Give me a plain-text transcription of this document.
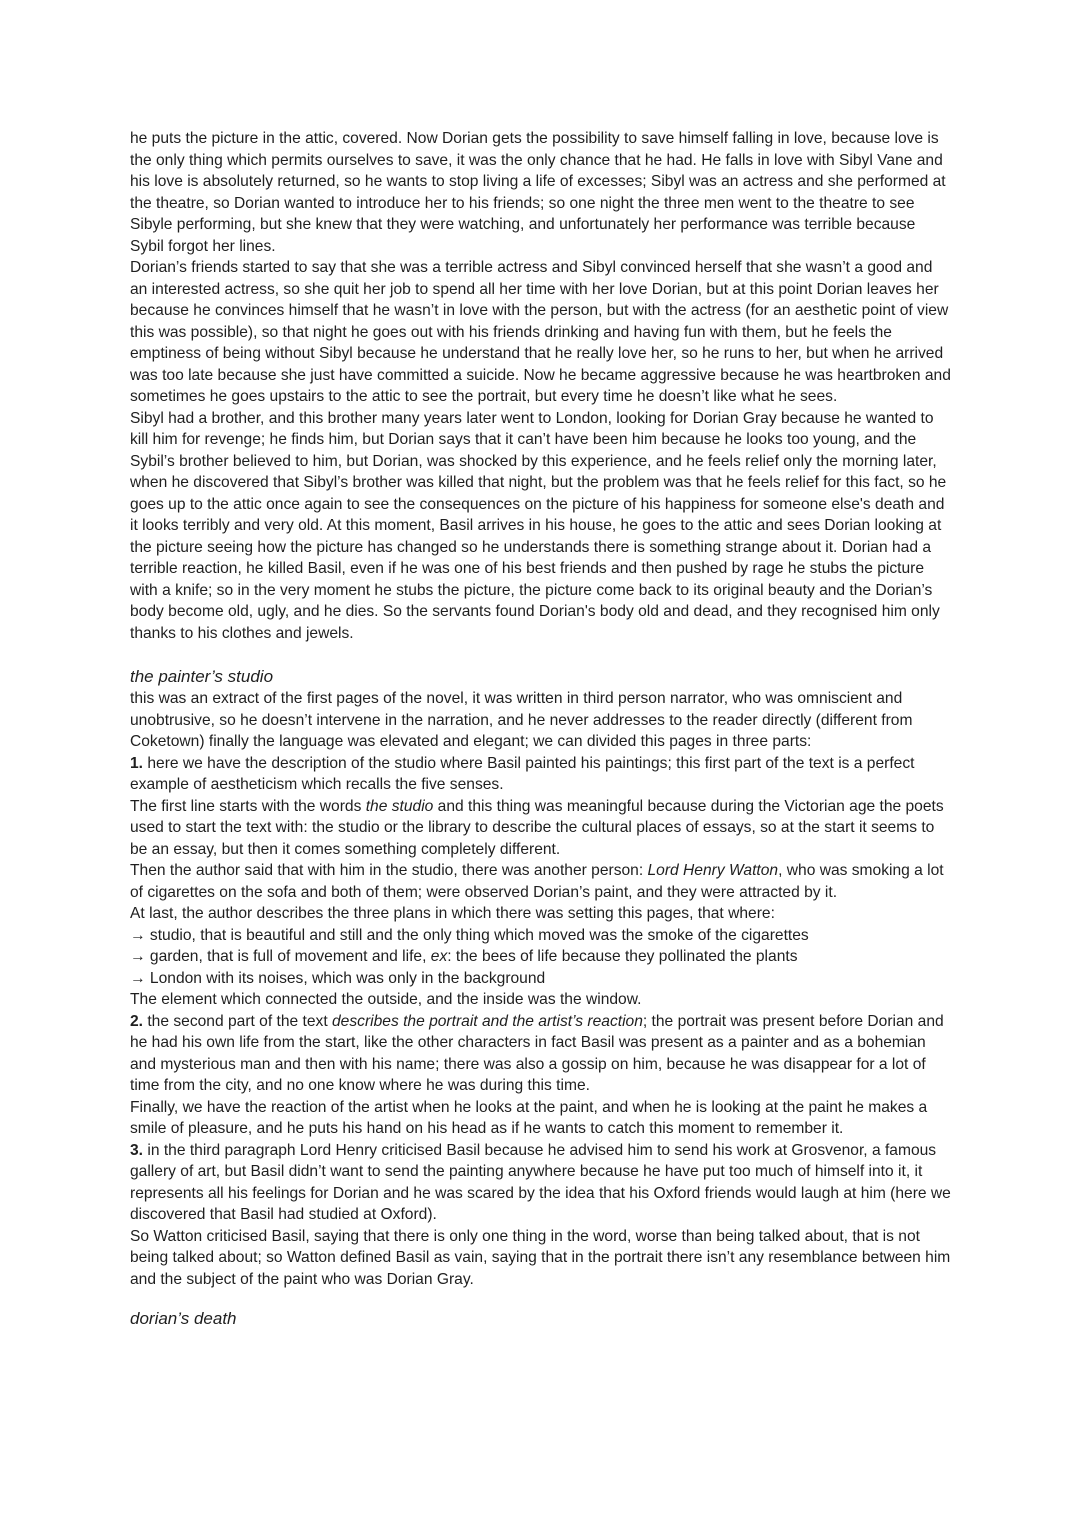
he puts the picture in the attic, covered. Now Dorian gets the possibility to save himself falling in love, because love is the only thing which permits ourselves to save, it was the only chance that he had. He falls in love with Sibyl Vane and his love is absolutely returned, so he wants to stop living a life of excesses; Sibyl was an actress and she performed at the theatre, so Dorian wanted to introduce her to his friends; so one night the three men went to the theatre to see Sibyle performing, but she knew that they were watching, and unfortunately her performance was terrible because Sybil forgot her lines.

Dorian’s friends started to say that she was a terrible actress and Sibyl convinced herself that she wasn’t a good and an interested actress, so she quit her job to spend all her time with her love Dorian, but at this point Dorian leaves her because he convinces himself that he wasn’t in love with the person, but with the actress (for an aesthetic point of view this was possible), so that night he goes out with his friends drinking and having fun with them, but he feels the emptiness of being without Sibyl because he understand that he really love her, so he runs to her, but when he arrived was too late because she just have committed a suicide. Now he became aggressive because he was heartbroken and sometimes he goes upstairs to the attic to see the portrait, but every time he doesn’t like what he sees.

Sibyl had a brother, and this brother many years later went to London, looking for Dorian Gray because he wanted to kill him for revenge; he finds him, but Dorian says that it can’t have been him because he looks too young, and the Sybil’s brother believed to him, but Dorian, was shocked by this experience, and he feels relief only the morning later, when he discovered that Sibyl’s brother was killed that night, but the problem was that he feels relief for this fact, so he goes up to the attic once again to see the consequences on the picture of his happiness for someone else's death and it looks terribly and very old. At this moment, Basil arrives in his house, he goes to the attic and sees Dorian looking at the picture seeing how the picture has changed so he understands there is something strange about it. Dorian had a terrible reaction, he killed Basil, even if he was one of his best friends and then pushed by rage he stubs the picture with a knife; so in the very moment he stubs the picture, the picture come back to its original beauty and the Dorian’s body become old, ugly, and he dies. So the servants found Dorian's body old and dead, and they recognised him only thanks to his clothes and jewels.

the painter’s studio

this was an extract of the first pages of the novel, it was written in third person narrator, who was omniscient and unobtrusive, so he doesn’t intervene in the narration, and he never addresses to the reader directly (different from Coketown) finally the language was elevated and elegant; we can divided this pages in three parts:

1. here we have the description of the studio where Basil painted his paintings; this first part of the text is a perfect example of aestheticism which recalls the five senses.

The first line starts with the words the studio and this thing was meaningful because during the Victorian age the poets used to start the text with: the studio or the library to describe the cultural places of essays, so at the start it seems to be an essay, but then it comes something completely different.

Then the author said that with him in the studio, there was another person: Lord Henry Watton, who was smoking a lot of cigarettes on the sofa and both of them; were observed Dorian’s paint, and they were attracted by it.

At last, the author describes the three plans in which there was setting this pages, that where:

→ studio, that is beautiful and still and the only thing which moved was the smoke of the cigarettes

→ garden, that is full of movement and life, ex: the bees of life because they pollinated the plants

→ London with its noises, which was only in the background

The element which connected the outside, and the inside was the window.

2. the second part of the text describes the portrait and the artist’s reaction; the portrait was present before Dorian and he had his own life from the start, like the other characters in fact Basil was present as a painter and as a bohemian and mysterious man and then with his name; there was also a gossip on him, because he was disappear for a lot of time from the city, and no one know where he was during this time.

Finally, we have the reaction of the artist when he looks at the paint, and when he is looking at the paint he makes a smile of pleasure, and he puts his hand on his head as if he wants to catch this moment to remember it.

3. in the third paragraph Lord Henry criticised Basil because he advised him to send his work at Grosvenor, a famous gallery of art, but Basil didn’t want to send the painting anywhere because he have put too much of himself into it, it represents all his feelings for Dorian and he was scared by the idea that his Oxford friends would laugh at him (here we discovered that Basil had studied at Oxford).

So Watton criticised Basil, saying that there is only one thing in the word, worse than being talked about, that is not being talked about; so Watton defined Basil as vain, saying that in the portrait there isn’t any resemblance between him and the subject of the paint who was Dorian Gray.

dorian’s death
